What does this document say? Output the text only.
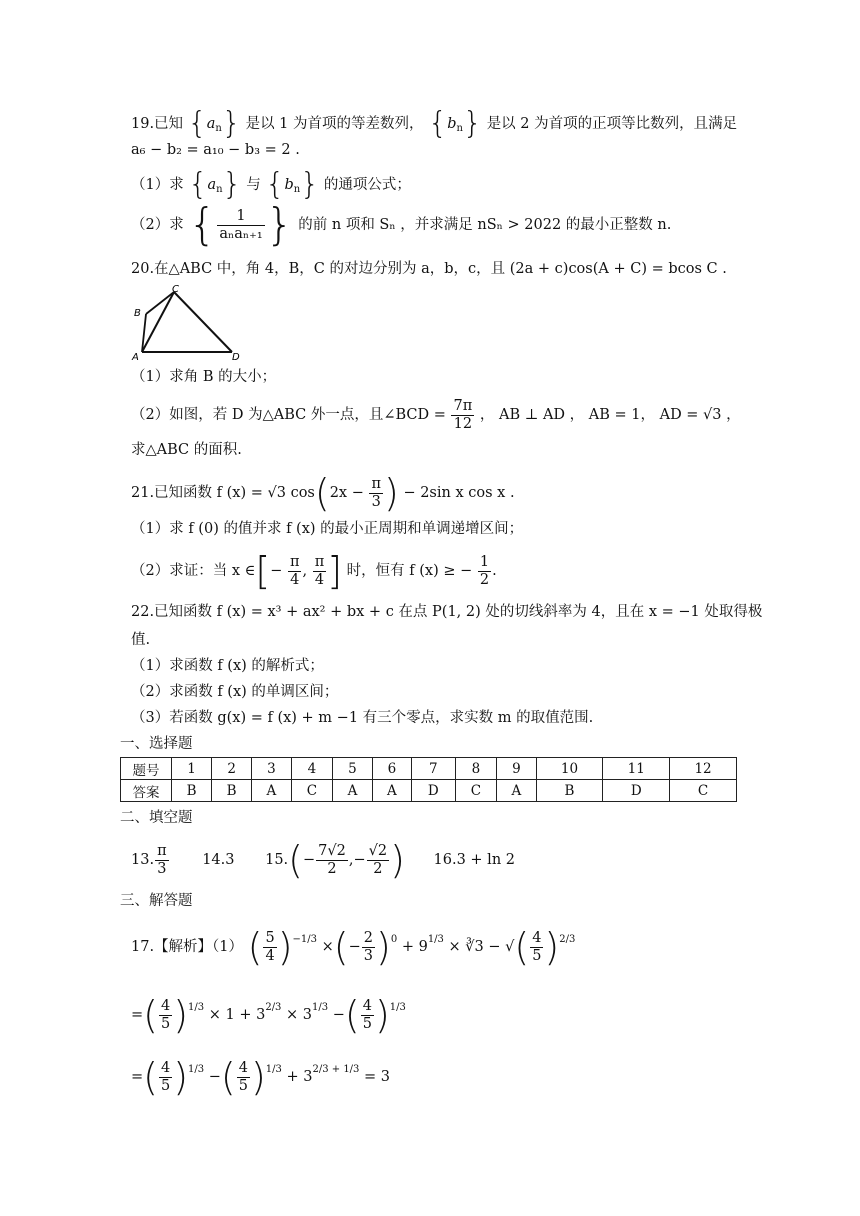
19.已知 $\{a_n\}$ 是以 1 为首项的等差数列， $\{b_n\}$ 是以 2 为首项的正项等比数列，且满足
a₆ − b₂ = a₁₀ − b₃ = 2 .
（1）求 $\{a_n\}$ 与 $\{b_n\}$ 的通项公式；
（2）求 { $\frac{1}{\text{aₙaₙ₊₁}}$ } 的前 n 项和 Sₙ ，并求满足 nSₙ > 2022 的最小正整数 n.
20.在△ABC 中，角 4，B，C 的对边分别为 a，b，c，且 (2a + c)cos(A + C) = bcos C .
C
B
A	D
（1）求角 B 的大小；
（2）如图，若 D 为△ABC 外一点，且∠BCD = $\frac{7\pi}{12}$ ， AB ⊥ AD ， AB = 1， AD = √3 ，
求△ABC 的面积.
21.已知函数 f (x) = √3 $\cos(2x - \frac{\pi}{3}$ ) − 2sin x cos x .
（1）求 f (0) 的值并求 f (x) 的最小正周期和单调递增区间；
（2）求证：当 x ∈[− $\frac{\pi}{4}$ , $\frac{\pi}{4}$ ] 时，恒有 f (x) ≥ − $\frac{1}{2}$ .
22.已知函数 f (x) = x³ + ax² + bx + c 在点 P(1, 2) 处的切线斜率为 4，且在 x = −1 处取得极
值.
（1）求函数 f (x) 的解析式；
（2）求函数 f (x) 的单调区间；
（3）若函数 g(x) = f (x) + m −1 有三个零点，求实数 m 的取值范围.
一、选择题
题号	1	2	3	4	5	6	7	8	9	10	11	12
答案	B	B	A	C	A	A	D	C	A	B	D	C
二、填空题
13. $\frac{\pi}{3} 14.3$ $15.(- \frac{7√2}{2}$ ,− $\frac{√2}{2}$ ) 16.3 + ln 2
三、解答题
17.【解析】（1） ( $\frac{5}{4} )^{-1/3}$ ×(− $\frac{2}{3} )^0 + 9^{1/3}$ × ∛3 − √( $\frac{4}{5} )^{2/3}$
=( $\frac{4}{5} )^{1/3} \times 1 + 3^{2/3} \times 3^{1/3}$ −( $\frac{4}{5} )^{1/3}$
=( $\frac{4}{5} )^{1/3}$ −( $\frac{4}{5} )^{1/3} + 3^{2/3 + 1/3} = 3$
